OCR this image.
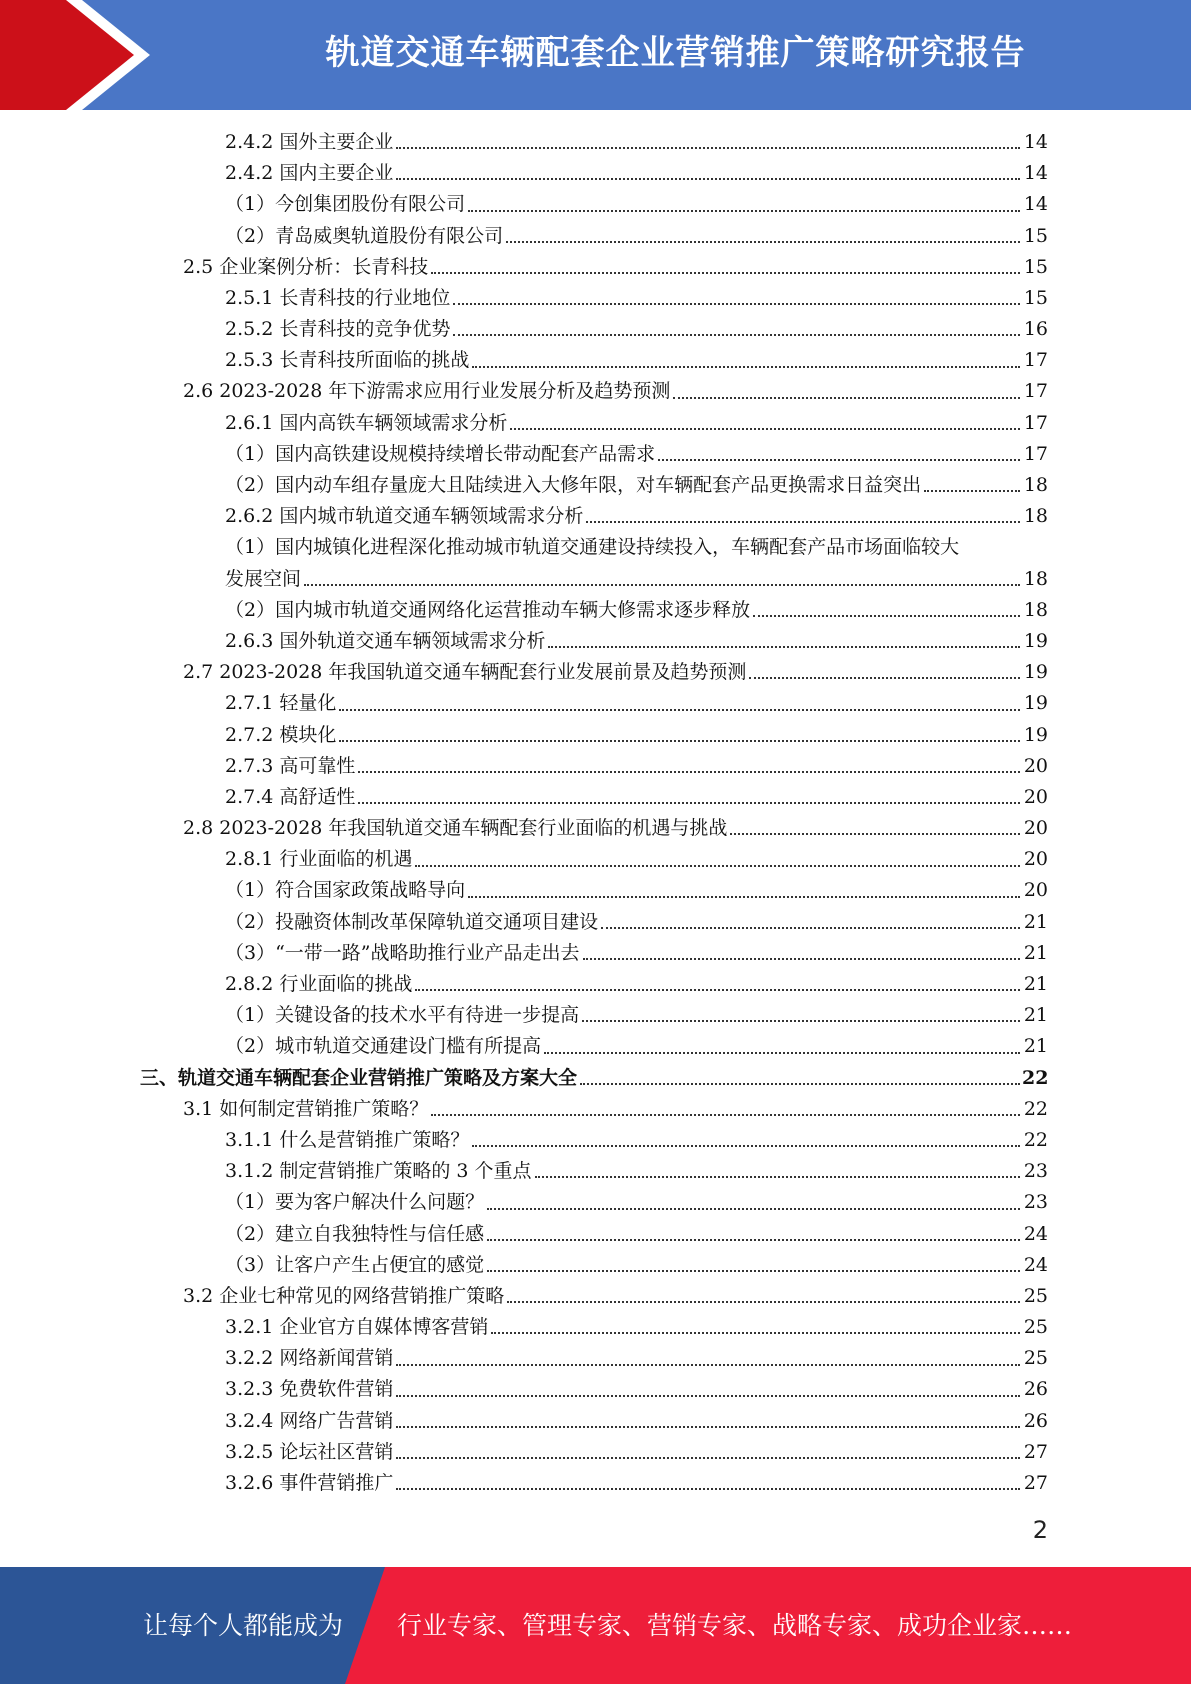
轨道交通车辆配套企业营销推广策略研究报告
2.4.2 国外主要企业	14
2.4.2 国内主要企业	14
（1）今创集团股份有限公司	14
（2）青岛威奥轨道股份有限公司	15
2.5 企业案例分析：长青科技	15
2.5.1 长青科技的行业地位	15
2.5.2 长青科技的竞争优势	16
2.5.3 长青科技所面临的挑战	17
2.6 2023-2028 年下游需求应用行业发展分析及趋势预测	17
2.6.1 国内高铁车辆领域需求分析	17
（1）国内高铁建设规模持续增长带动配套产品需求	17
（2）国内动车组存量庞大且陆续进入大修年限，对车辆配套产品更换需求日益突出	18
2.6.2 国内城市轨道交通车辆领域需求分析	18
（1）国内城镇化进程深化推动城市轨道交通建设持续投入，车辆配套产品市场面临较大
发展空间	18
（2）国内城市轨道交通网络化运营推动车辆大修需求逐步释放	18
2.6.3 国外轨道交通车辆领域需求分析	19
2.7 2023-2028 年我国轨道交通车辆配套行业发展前景及趋势预测	19
2.7.1 轻量化	19
2.7.2 模块化	19
2.7.3 高可靠性	20
2.7.4 高舒适性	20
2.8 2023-2028 年我国轨道交通车辆配套行业面临的机遇与挑战	20
2.8.1 行业面临的机遇	20
（1）符合国家政策战略导向	20
（2）投融资体制改革保障轨道交通项目建设	21
（3）“一带一路”战略助推行业产品走出去	21
2.8.2 行业面临的挑战	21
（1）关键设备的技术水平有待进一步提高	21
（2）城市轨道交通建设门槛有所提高	21
三、轨道交通车辆配套企业营销推广策略及方案大全	22
3.1 如何制定营销推广策略？	22
3.1.1 什么是营销推广策略？	22
3.1.2 制定营销推广策略的 3 个重点	23
（1）要为客户解决什么问题？	23
（2）建立自我独特性与信任感	24
（3）让客户产生占便宜的感觉	24
3.2 企业七种常见的网络营销推广策略	25
3.2.1 企业官方自媒体博客营销	25
3.2.2 网络新闻营销	25
3.2.3 免费软件营销	26
3.2.4 网络广告营销	26
3.2.5 论坛社区营销	27
3.2.6 事件营销推广	27
2
让每个人都能成为 行业专家、管理专家、营销专家、战略专家、成功企业家……
